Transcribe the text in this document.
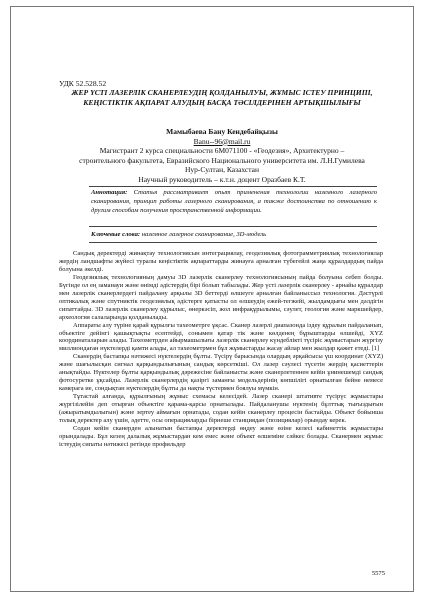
УДК 52.528.52
ЖЕР ҮСТІ ЛАЗЕРЛІК СКАНЕРЛЕУДІҢ ҚОЛДАНЫЛУЫ, ЖҰМЫС ІСТЕУ ПРИНЦИПІ, КЕҢІСТІКТІК АҚПАРАТ АЛУДЫҢ БАСҚА ТӘСІЛДЕРІНЕН АРТЫҚШЫЛЫҒЫ
Мамыбаева Бану Кендебайқызы
Banu--96@mail.ru
Магистрант 2 курса специальности 6М071100 - «Геодезия», Архитектурно –
строительного факультета, Евразийского Национального университета им. Л.Н.Гумилева
Нур-Султан, Казахстан
Научный руководитель – к.т.н. доцент Оразбаев К.Т.
Аннотация: Статья рассматривает опыт применения технологии наземного лазерного сканирования, принцип работы лазерного сканирования, а также достоинства по отношению к другим способам получения пространственной информации.
Ключевые слова: наземное лазерное сканирование, 3D-модель

Сандық деректерді жинақтау технологиясын интеграциялау, геодезиялық фотограмметриялық технологиялар жердің ландшафты жүйесі туралы кеңістіктік ақпараттарды жинауға арналған түбегейлі жаңа құралдардың пайда болуына әкелді.

Геодезиялық технологияның дамуы 3D лазерлік сканерлеу технологиясының пайда болуына себеп болды. Бүгінде ол ең заманауи және өнімді әдістердің бірі болып табылады. Жер үсті лазерлік сканерлеу - арнайы құралдар мен лазерлік сканерлердегі пайдалану арқылы 3D беттерді өлшеуге арналған байланыссыз технология. Дәстүрлі оптикалық және спутниктік геодезиялық әдістерге қатысты ол өлшеудің ежей-тегжейі, жылдамдығы мен дәлдігін сипаттайды. 3D лазерлік сканерлеу құрылыс, өнеркәсіп, жол инфрақұрылымы, сәулет, геология және маркшейдер, археология салаларында қолданылады.

Аппараты алу түріне қарай құрылғы тахеометрге ұқсас. Сканер лазерлі диапазонда іздеу құралын пайдаланып, объектіге дейінгі қашықтықты есептейді, сонымен қатар тік және көлденең бұрыштарды өлшейді, XYZ координаталарын алады. Тахеометрден айырмашылығы лазерлік сканерлеу күндеблікті түсіріс жұмыстарын жүргізу миллиондаған нүктелерді қамти алады, ал тахеометрмен бұл жұмыстарды жасау айлар мен жылдар қажет етеді. [1]

Сканердің бастапқы нәтижесі нүктелердің бұлты. Түсірү барысында олардың әрқайсысы үш координат (XYZ) және шағылысқан сигнал қарқындылығының сандық көрсеткіші. Ол лазер сәулесі түсетін жердің қасиеттерін анықтайды. Нүктелер бұлты қарқындылық дәрежесіне байланысты және сканерлетеннен кейін ұнинешемді сандық фотосуретке ұқсайды. Лазерлік сканерлердің қазіргі заманғы модельдерінің көпшілігі орнатылған бейне немесе камерага ие, сондықтан нүктелердің бұлты да нақты түстермен боялуы мүмкін.

Тұтастай алғанда, құрылғының жұмыс схемасы келесідей. Лазер сканері штативте түсірүс жұмыстары жүргізілейін деп отырған объектіге қарама-қарсы орнатылады. Пайдаланушы нүктенің бұлттық тығыздығын (ажыратымдылығын) және зертеу аймағын орнатады, содан кейін сканерлеу процесін бастайды. Объект бойынша толық деректер алу үшін, әдетте, осы операцияларды бірнеше станциядан (позициялар) орындау керек.

Содан кейін сканерден алынатын бастапқы деректерді өңдеу және өзіне келесі кабинеттік жұмыстары орындалады. Бұл кезең далалық жұмыстардан кем емес және объект өлшеміне сәйкес болады. Сканермен жұмыс істеудің сипаты нәтижесі ретінде профильдер

5575
